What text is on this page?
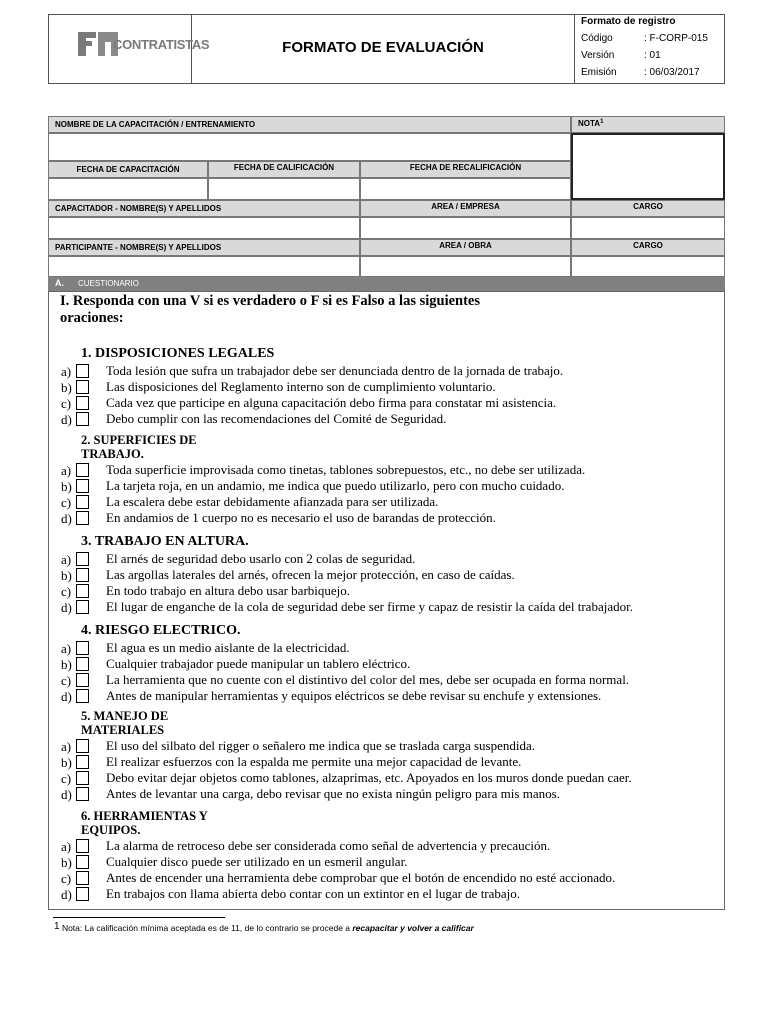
CONTRATISTAS	FORMATO DE EVALUACIÓN
Formato de registro
Código	: F-CORP-015
Versión	: 01
Emisión	: 06/03/2017
NOMBRE DE LA CAPACITACIÓN / ENTRENAMIENTO	NOTA 1
FECHA DE CAPACITACIÓN	FECHA DE CALIFICACIÓN	FECHA DE RECALIFICACIÓN
CAPACITADOR - NOMBRE(S) Y APELLIDOS	AREA / EMPRESA	CARGO
PARTICIPANTE - NOMBRE(S) Y APELLIDOS	AREA / OBRA	CARGO
A. CUESTIONARIO
I. Responda con una V si es verdadero o F si es Falso a las siguientes
oraciones:
1. DISPOSICIONES LEGALES
a)	Toda lesión que sufra un trabajador debe ser denunciada dentro de la jornada de trabajo.
b)	Las disposiciones del Reglamento interno son de cumplimiento voluntario.
c)	Cada vez que participe en alguna capacitación debo firma para constatar mi asistencia.
d)	Debo cumplir con las recomendaciones del Comité de Seguridad.
2. SUPERFICIES DE
TRABAJO.
a)	Toda superficie improvisada como tinetas, tablones sobrepuestos, etc., no debe ser utilizada.
b)	La tarjeta roja, en un andamio, me indica que puedo utilizarlo, pero con mucho cuidado.
c)	La escalera debe estar debidamente afianzada para ser utilizada.
d)	En andamios de 1 cuerpo no es necesario el uso de barandas de protección.
3. TRABAJO EN ALTURA.
a)	El arnés de seguridad debo usarlo con 2 colas de seguridad.
b)	Las argollas laterales del arnés, ofrecen la mejor protección, en caso de caídas.
c)	En todo trabajo en altura debo usar barbiquejo.
d)	El lugar de enganche de la cola de seguridad debe ser firme y capaz de resistir la caída del trabajador.
4. RIESGO ELECTRICO.
a)	El agua es un medio aislante de la electricidad.
b)	Cualquier trabajador puede manipular un tablero eléctrico.
c)	La herramienta que no cuente con el distintivo del color del mes, debe ser ocupada en forma normal.
d)	Antes de manipular herramientas y equipos eléctricos se debe revisar su enchufe y extensiones.
5. MANEJO DE
MATERIALES
a)	El uso del silbato del rigger o señalero me indica que se traslada carga suspendida.
b)	El realizar esfuerzos con la espalda me permite una mejor capacidad de levante.
c)	Debo evitar dejar objetos como tablones, alzaprimas, etc. Apoyados en los muros donde puedan caer.
d)	Antes de levantar una carga, debo revisar que no exista ningún peligro para mis manos.
6. HERRAMIENTAS Y
EQUIPOS.
a)	La alarma de retroceso debe ser considerada como señal de advertencia y precaución.
b)	Cualquier disco puede ser utilizado en un esmeril angular.
c)	Antes de encender una herramienta debe comprobar que el botón de encendido no esté accionado.
d)	En trabajos con llama abierta debo contar con un extintor en el lugar de trabajo.
1 Nota: La calificación mínima aceptada es de 11, de lo contrario se procede a recapacitar y volver a calificar
